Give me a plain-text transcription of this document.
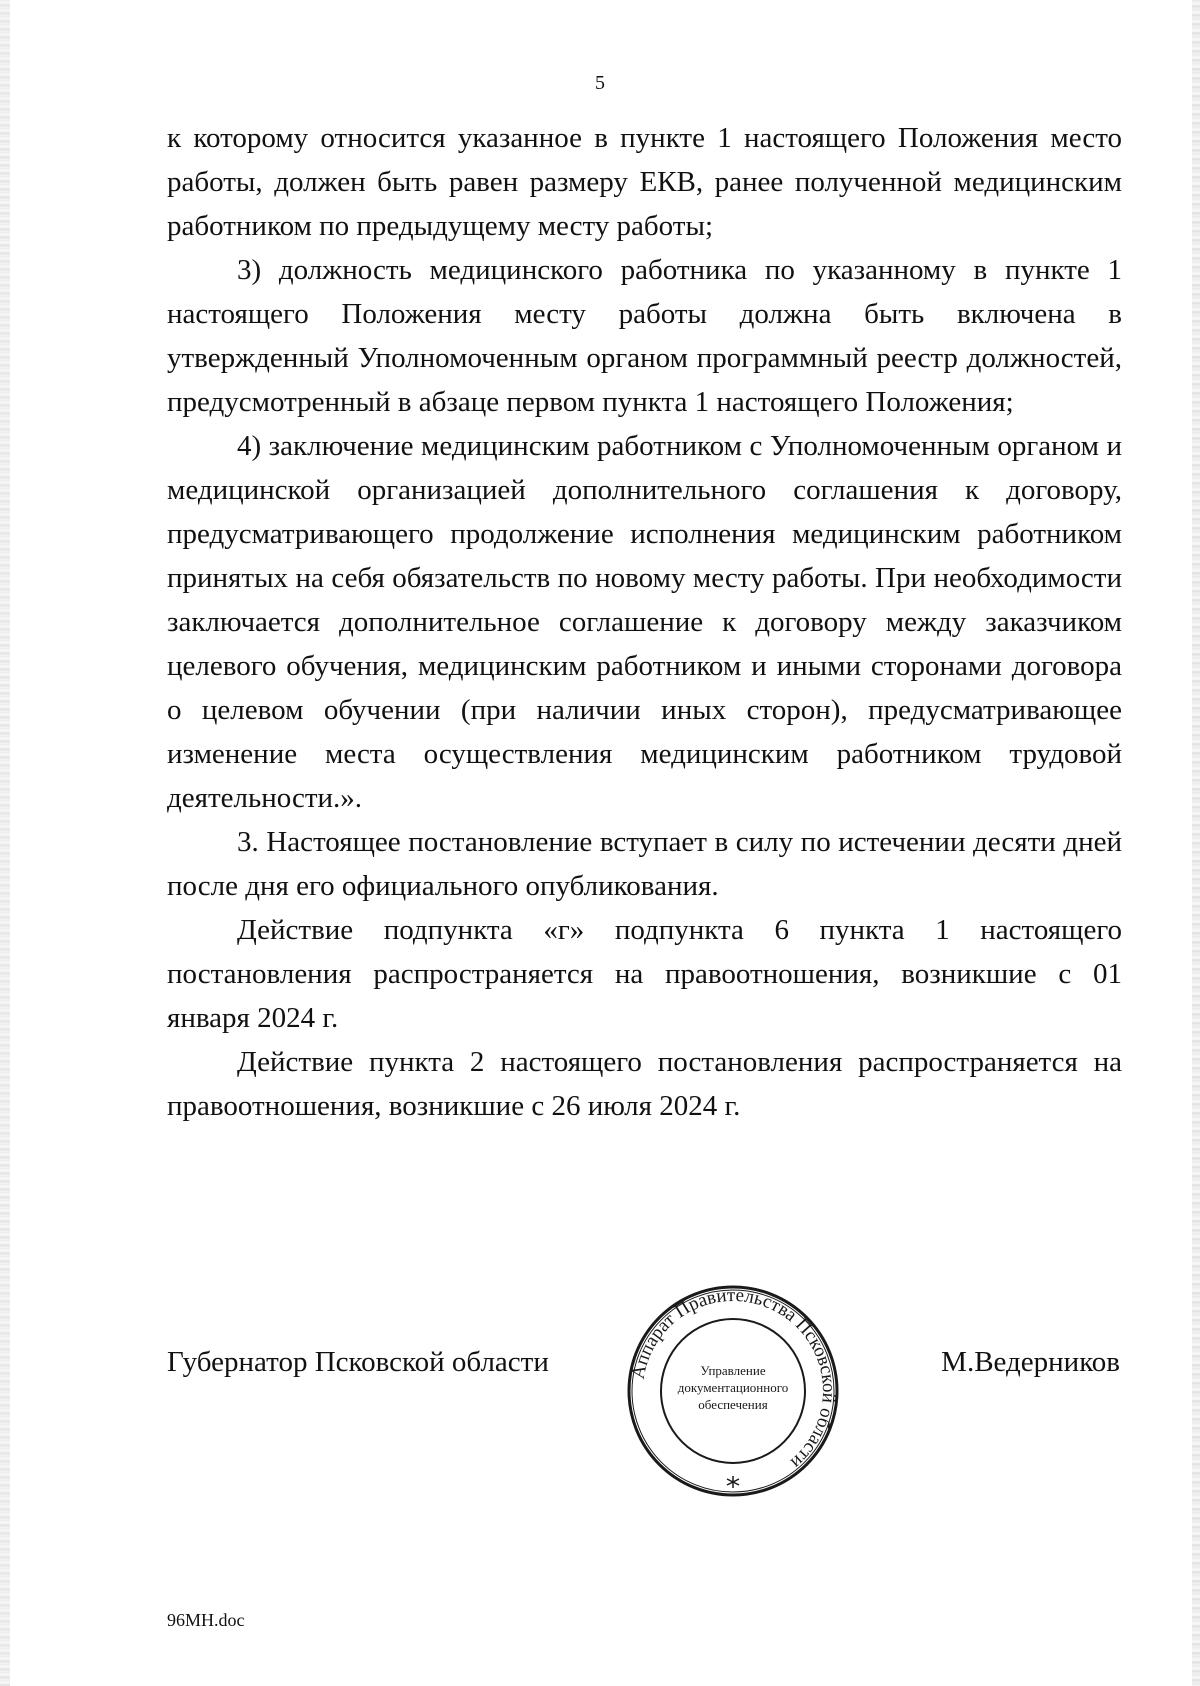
5

к которому относится указанное в пункте 1 настоящего Положения место работы, должен быть равен размеру ЕКВ, ранее полученной медицинским работником по предыдущему месту работы;

3) должность медицинского работника по указанному в пункте 1 настоящего Положения месту работы должна быть включена в утвержденный Уполномоченным органом программный реестр должностей, предусмотренный в абзаце первом пункта 1 настоящего Положения;

4) заключение медицинским работником с Уполномоченным органом и медицинской организацией дополнительного соглашения к договору, предусматривающего продолжение исполнения медицинским работником принятых на себя обязательств по новому месту работы. При необходимости заключается дополнительное соглашение к договору между заказчиком целевого обучения, медицинским работником и иными сторонами договора о целевом обучении (при наличии иных сторон), предусматривающее изменение места осуществления медицинским работником трудовой деятельности.».

3. Настоящее постановление вступает в силу по истечении десяти дней после дня его официального опубликования.

Действие подпункта «г» подпункта 6 пункта 1 настоящего постановления распространяется на правоотношения, возникшие с 01 января 2024 г.

Действие пункта 2 настоящего постановления распространяется на правоотношения, возникшие с 26 июля 2024 г.

Губернатор Псковской области	Аппарат Правительства Псковской области
Управление
документационного
обеспечения
М.Ведерников
96МН.doc
